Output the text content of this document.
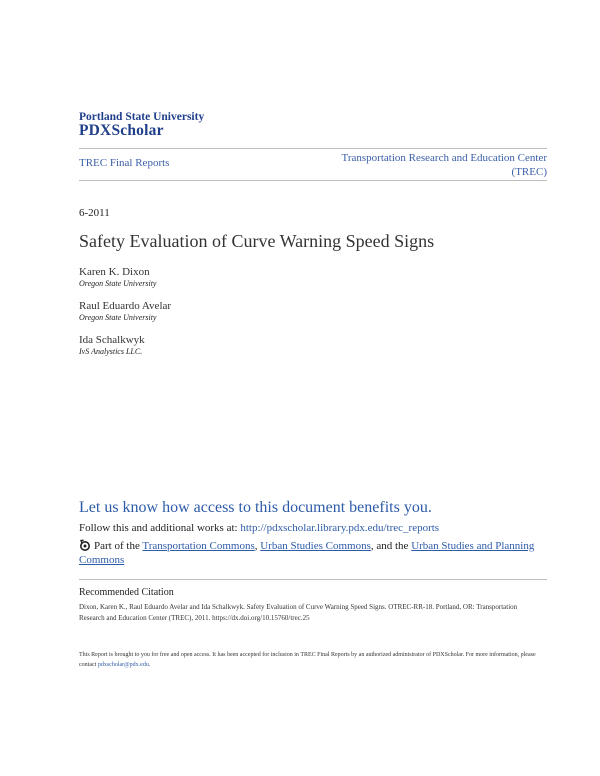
Portland State University
PDXScholar
TREC Final Reports	Transportation Research and Education Center
(TREC)
6-2011
Safety Evaluation of Curve Warning Speed Signs
Karen K. Dixon
Oregon State University
Raul Eduardo Avelar
Oregon State University
Ida Schalkwyk
IvS Analystics LLC.
Let us know how access to this document benefits you.
Follow this and additional works at: http://pdxscholar.library.pdx.edu/trec_reports
Part of the Transportation Commons, Urban Studies Commons, and the Urban Studies and Planning Commons
Recommended Citation
Dixon, Karen K., Raul Eduardo Avelar and Ida Schalkwyk. Safety Evaluation of Curve Warning Speed Signs. OTREC-RR-18. Portland, OR: Transportation Research and Education Center (TREC), 2011. https://dx.doi.org/10.15760/trec.25
This Report is brought to you for free and open access. It has been accepted for inclusion in TREC Final Reports by an authorized administrator of PDXScholar. For more information, please contact pdxscholar@pdx.edu.
